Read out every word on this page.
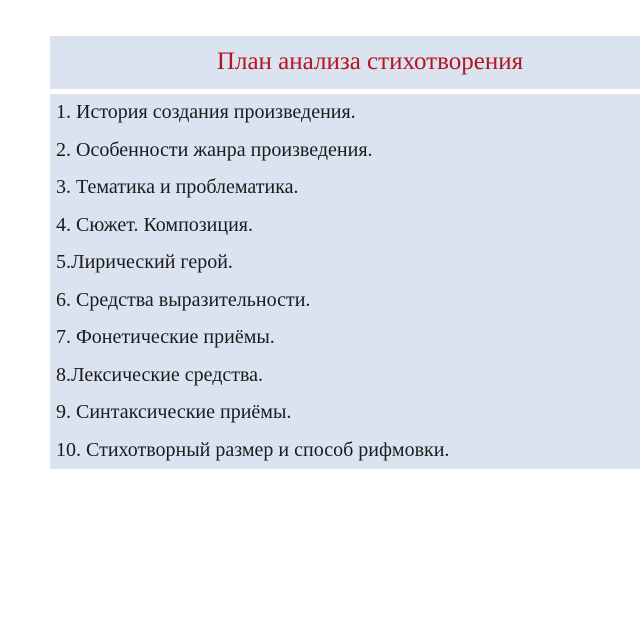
План анализа стихотворения
1. История создания произведения.
2. Особенности жанра произведения.
3. Тематика и проблематика.
4. Сюжет. Композиция.
5.Лирический герой.
6. Средства выразительности.
7. Фонетические приёмы.
8.Лексические средства.
9. Синтаксические приёмы.
10. Стихотворный размер и способ рифмовки.
